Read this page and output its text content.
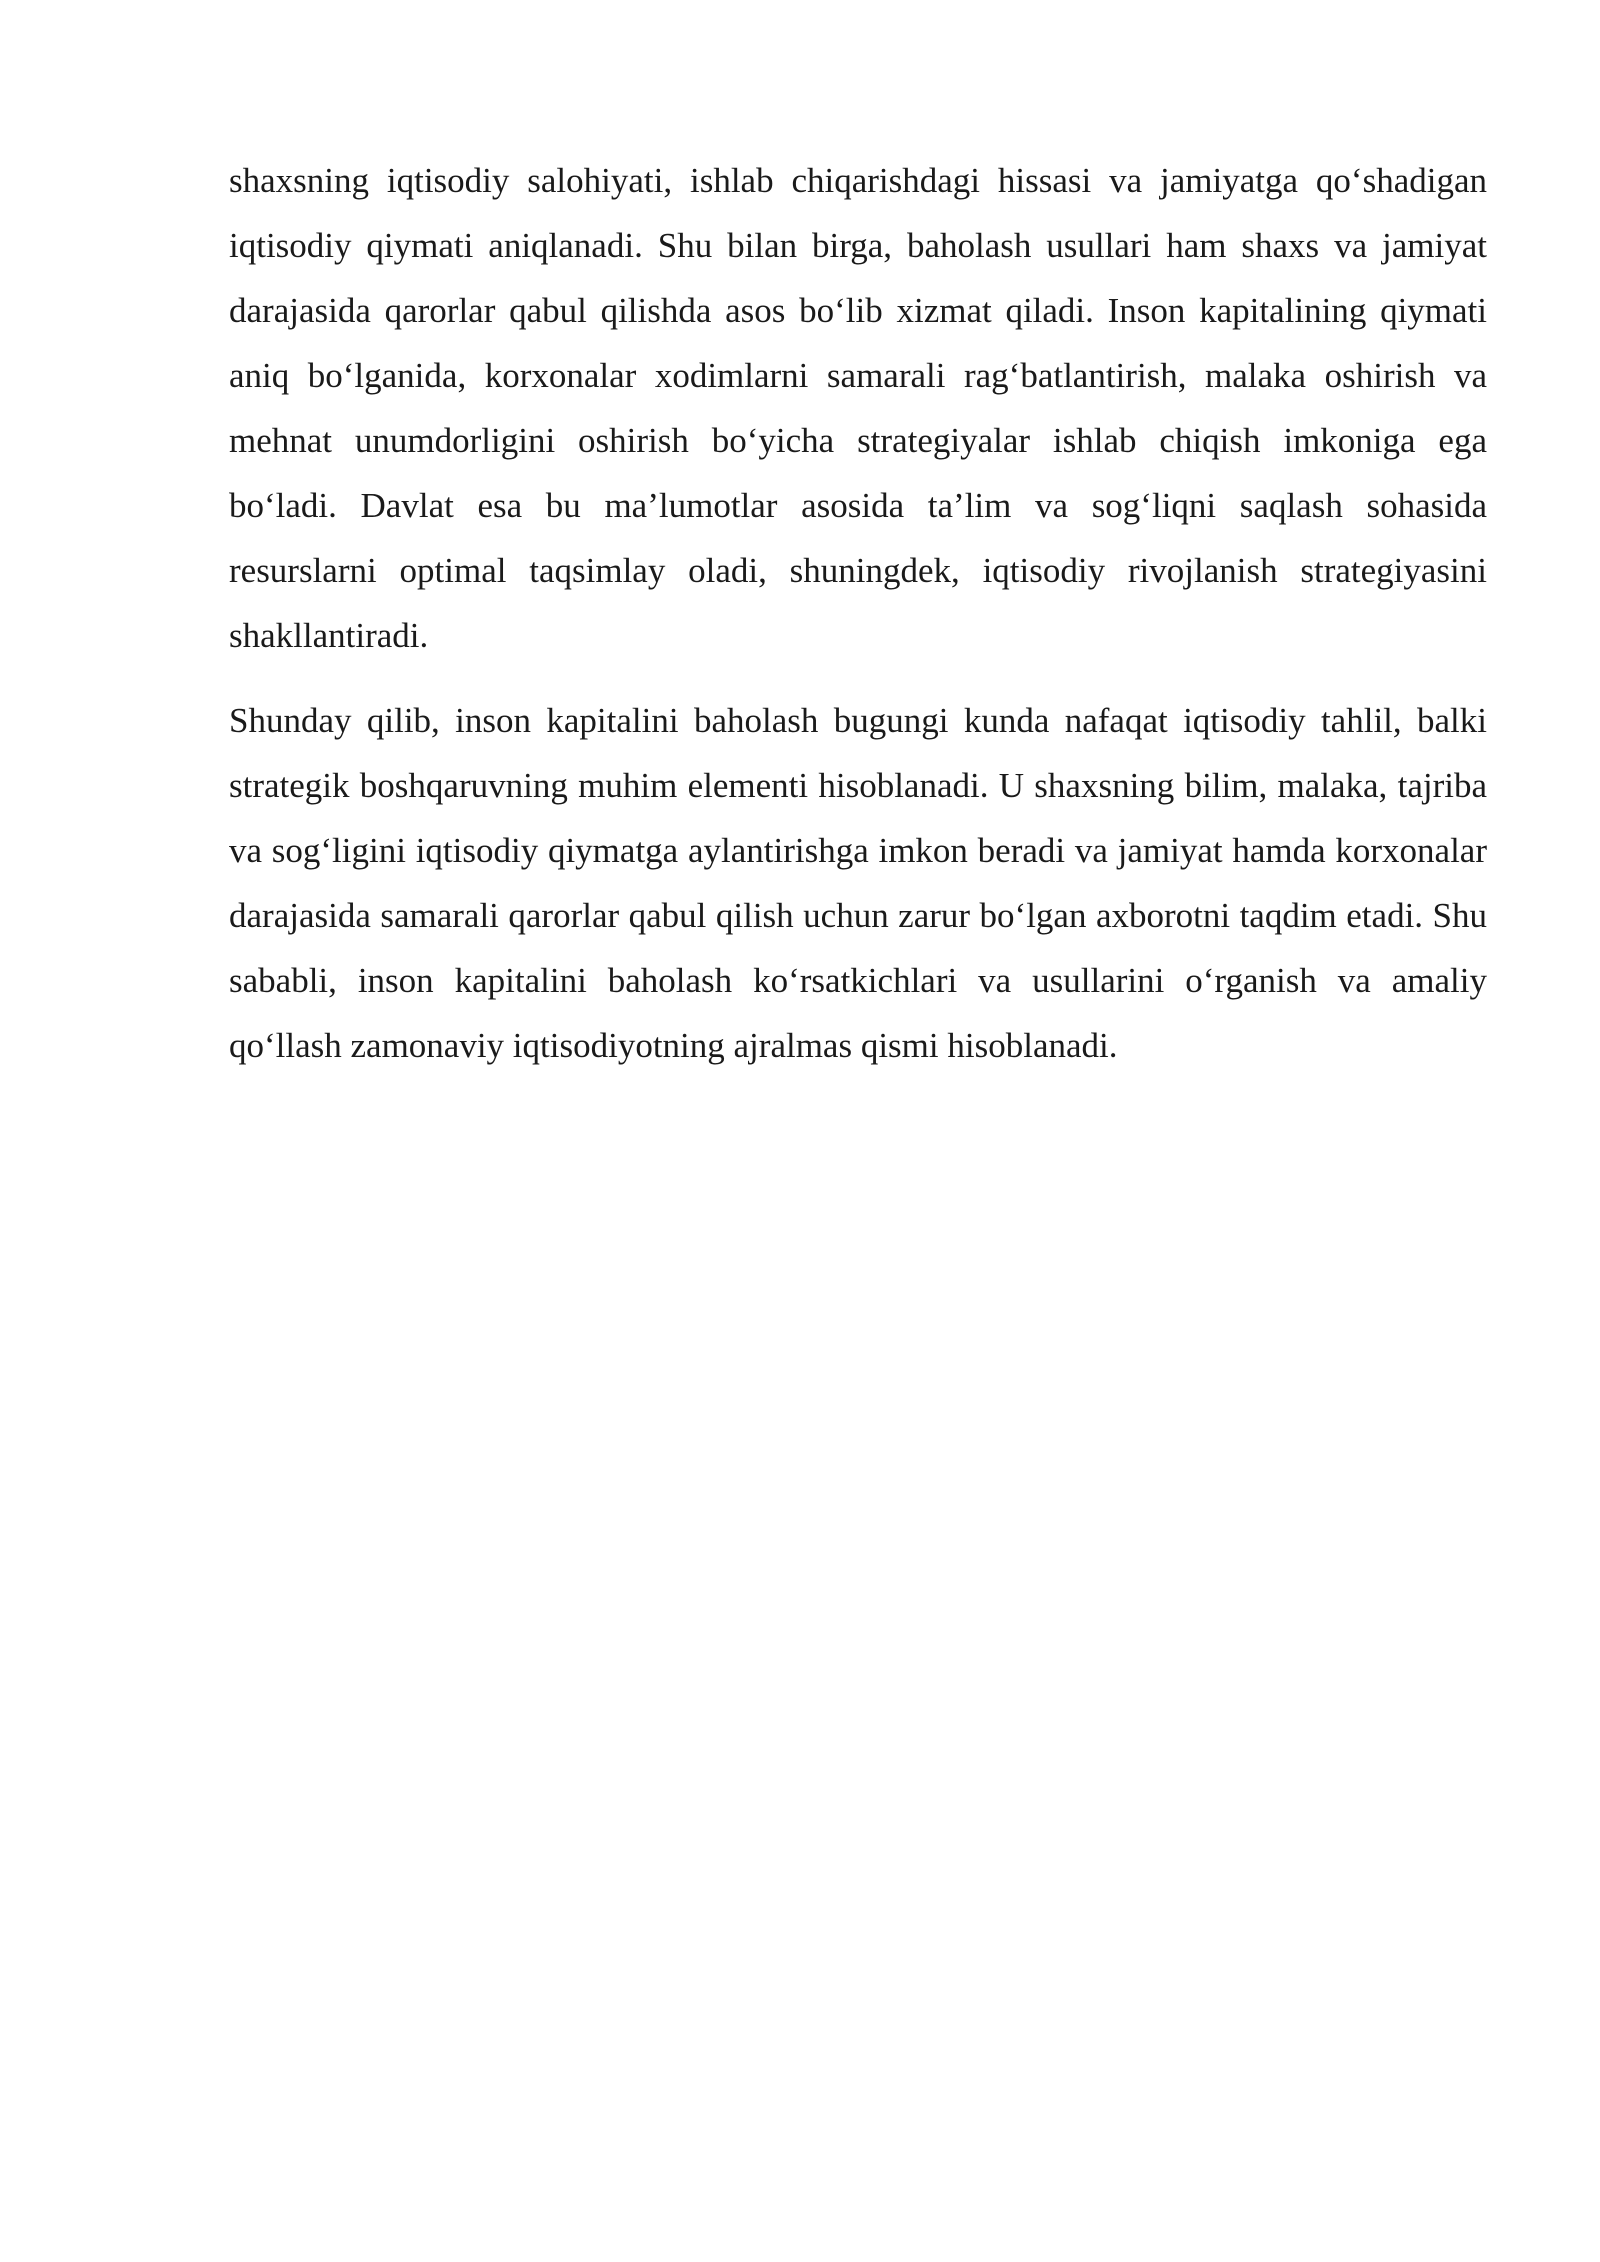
shaxsning iqtisodiy salohiyati, ishlab chiqarishdagi hissasi va jamiyatga qo‘shadigan iqtisodiy qiymati aniqlanadi. Shu bilan birga, baholash usullari ham shaxs va jamiyat darajasida qarorlar qabul qilishda asos bo‘lib xizmat qiladi. Inson kapitalining qiymati aniq bo‘lganida, korxonalar xodimlarni samarali rag‘batlantirish, malaka oshirish va mehnat unumdorligini oshirish bo‘yicha strategiyalar ishlab chiqish imkoniga ega bo‘ladi. Davlat esa bu ma’lumotlar asosida ta’lim va sog‘liqni saqlash sohasida resurslarni optimal taqsimlay oladi, shuningdek, iqtisodiy rivojlanish strategiyasini shakllantiradi.

Shunday qilib, inson kapitalini baholash bugungi kunda nafaqat iqtisodiy tahlil, balki strategik boshqaruvning muhim elementi hisoblanadi. U shaxsning bilim, malaka, tajriba va sog‘ligini iqtisodiy qiymatga aylantirishga imkon beradi va jamiyat hamda korxonalar darajasida samarali qarorlar qabul qilish uchun zarur bo‘lgan axborotni taqdim etadi. Shu sababli, inson kapitalini baholash ko‘rsatkichlari va usullarini o‘rganish va amaliy qo‘llash zamonaviy iqtisodiyotning ajralmas qismi hisoblanadi.
